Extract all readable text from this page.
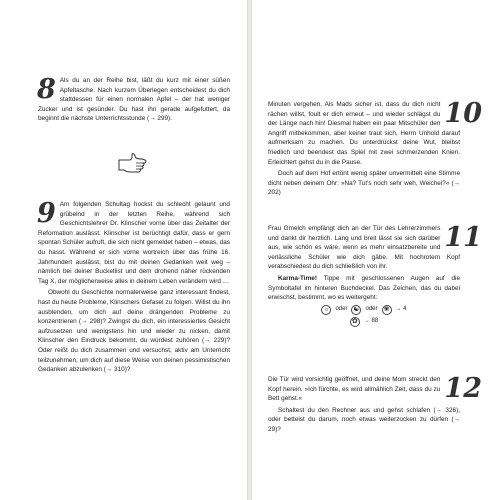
8 Als du an der Reihe bist, läßt du kurz mit einer süßen Apfeltasche. Nach kurzem Überlegen entscheidest du dich stattdessen für einen normalen Apfel – der hat weniger Zucker und ist gesünder. Du hast ihn gerade aufgefuttert, da beginnt die nächste Unterrichtsstunde (→ 299).

9 Am folgenden Schultag hockst du schlecht gelaunt und grübelnd in der letzten Reihe, während sich Geschichtslehrer Dr. Klinscher vorne über das Zeitalter der Reformation auslässt. Klinscher ist berüchtigt dafür, dass er gern spontan Schüler aufruft, die sich nicht gemeldet haben – etwas, das du hasst. Während er sich vorne wortreich über das frühe 16. Jahrhundert auslässt, bist du mit deinen Gedanken weit weg – nämlich bei deiner Bucketlist und dem drohend näher rückenden Tag X, der möglicherweise alles in deinem Leben verändern wird …

Obwohl du Geschichte normalerweise ganz interessant findest, hast du heute Probleme, Klinschers Gefasel zu folgen. Willst du ihn ausblenden, um dich auf deine drängenden Probleme zu konzentrieren (→ 298)? Zwingst du dich, ein interessiertes Gesicht aufzusetzen und wenigstens hin und wieder zu nicken, damit Klinscher den Eindruck bekommt, du würdest zuhören (→ 229)? Oder reißt du dich zusammen und versuchst, aktiv am Unterricht teilzunehmen, um dich auf diese Weise von deinen pessimistischen Gedanken abzulenken (→ 310)?

10

Minuten vergehen. Als Mads sicher ist, dass du dich nicht rächen willst, foult er dich erneut – und wieder schlägst du der Länge nach hin! Diesmal haben ein paar Mitschüler den Angriff mitbekommen, aber keiner traut sich, Herrn Unhold darauf aufmerksam zu machen. Du unterdrückst deine Wut, bleibst friedlich und beendest das Spiel mit zwei schmerzenden Knien. Erleichtert gehst du in die Pause.

Doch auf dem Hof ertönt wenig später unvermittelt eine Stimme dicht neben deinem Ohr: »Na? Tut's noch sehr weh, Weichei?« (→ 202)

11

Frau Gmelch empfängt dich an der Tür des Lehrerzimmers und dankt dir herzlich. Lang und breit lässt sie sich darüber aus, wie schön es wäre, wenn es mehr einsatzbereite und verlässliche Schüler wie dich gäbe. Mit hochrotem Kopf verabschiedest du dich schließlich von ihr.

Karma-Time! Tippe mit geschlossenen Augen auf die Symboltafel im hinteren Buchdeckel. Das Zeichen, das du dabei erwischst, bestimmt, wo es weitergeht:

☼ oder ☯ oder ❀	→ 4
✿	→ 88
12

Die Tür wird vorsichtig geöffnet, und deine Mom streckt den Kopf herein. »Ich fürchte, es wird allmählich Zeit, dass du zu Bett gehst.«

Schaltest du den Rechner aus und gehst schlafen (→ 326), oder bettelst du darum, noch etwas weiterzocken zu dürfen (→ 29)?
